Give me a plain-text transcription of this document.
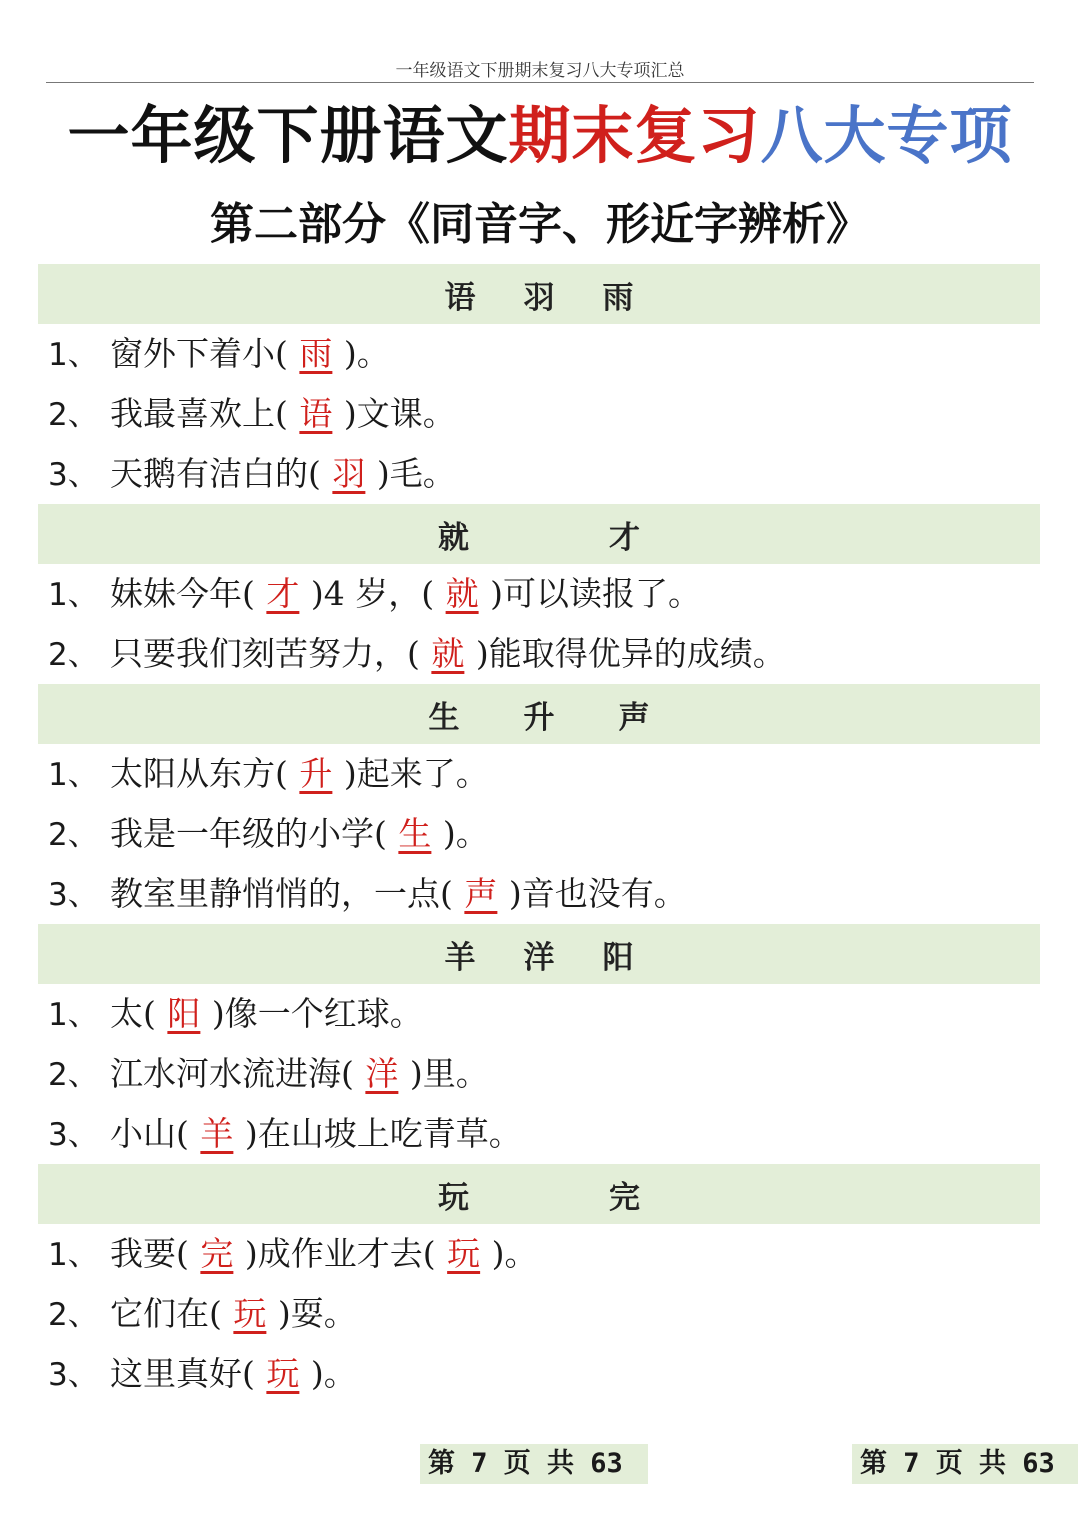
一年级语文下册期末复习八大专项汇总
一年级下册语文期末复习八大专项
第二部分《同音字、形近字辨析》
语 羽 雨
1、 窗外下着小( 雨 )。
2、 我最喜欢上( 语 )文课。
3、 天鹅有洁白的( 羽 )毛。
就	才
1、 妹妹今年( 才 )4 岁，( 就 )可以读报了。
2、 只要我们刻苦努力，( 就 )能取得优异的成绩。
生 升 声
1、 太阳从东方( 升 )起来了。
2、 我是一年级的小学( 生 )。
3、 教室里静悄悄的，一点( 声 )音也没有。
羊 洋 阳
1、 太( 阳 )像一个红球。
2、 江水河水流进海( 洋 )里。
3、 小山( 羊 )在山坡上吃青草。
玩	完
1、 我要( 完 )成作业才去( 玩 )。
2、 它们在( 玩 )耍。
3、 这里真好( 玩 )。
第 7 页 共 63	第 7 页 共 63
